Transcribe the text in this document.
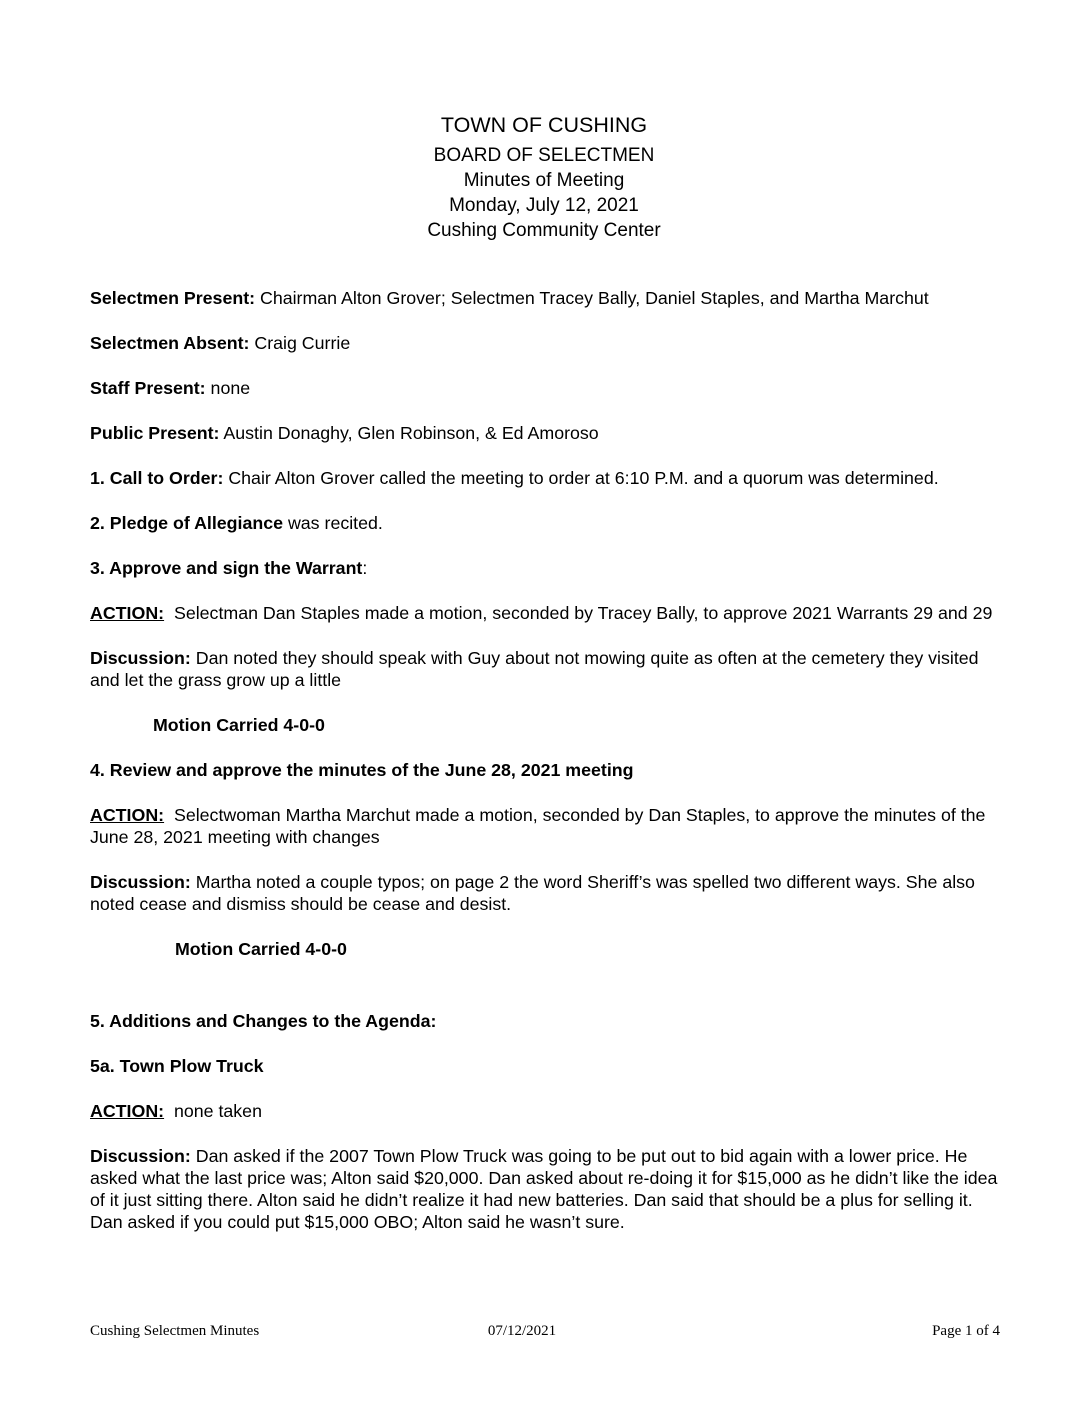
TOWN OF CUSHING
BOARD OF SELECTMEN
Minutes of Meeting
Monday, July 12, 2021
Cushing Community Center

Selectmen Present: Chairman Alton Grover; Selectmen Tracey Bally, Daniel Staples, and Martha Marchut

Selectmen Absent: Craig Currie

Staff Present: none

Public Present: Austin Donaghy, Glen Robinson, & Ed Amoroso

1. Call to Order: Chair Alton Grover called the meeting to order at 6:10 P.M. and a quorum was determined.

2. Pledge of Allegiance was recited.

3. Approve and sign the Warrant:

ACTION:  Selectman Dan Staples made a motion, seconded by Tracey Bally, to approve 2021 Warrants 29 and 29

Discussion: Dan noted they should speak with Guy about not mowing quite as often at the cemetery they visited and let the grass grow up a little

Motion Carried 4-0-0

4. Review and approve the minutes of the June 28, 2021 meeting

ACTION:  Selectwoman Martha Marchut made a motion, seconded by Dan Staples, to approve the minutes of the June 28, 2021 meeting with changes

Discussion: Martha noted a couple typos; on page 2 the word Sheriff’s was spelled two different ways. She also noted cease and dismiss should be cease and desist.

Motion Carried 4-0-0

5. Additions and Changes to the Agenda:

5a. Town Plow Truck

ACTION:  none taken

Discussion: Dan asked if the 2007 Town Plow Truck was going to be put out to bid again with a lower price. He asked what the last price was; Alton said $20,000. Dan asked about re-doing it for $15,000 as he didn’t like the idea of it just sitting there. Alton said he didn’t realize it had new batteries. Dan said that should be a plus for selling it. Dan asked if you could put $15,000 OBO; Alton said he wasn’t sure.

Cushing Selectmen Minutes	07/12/2021	Page 1 of 4
